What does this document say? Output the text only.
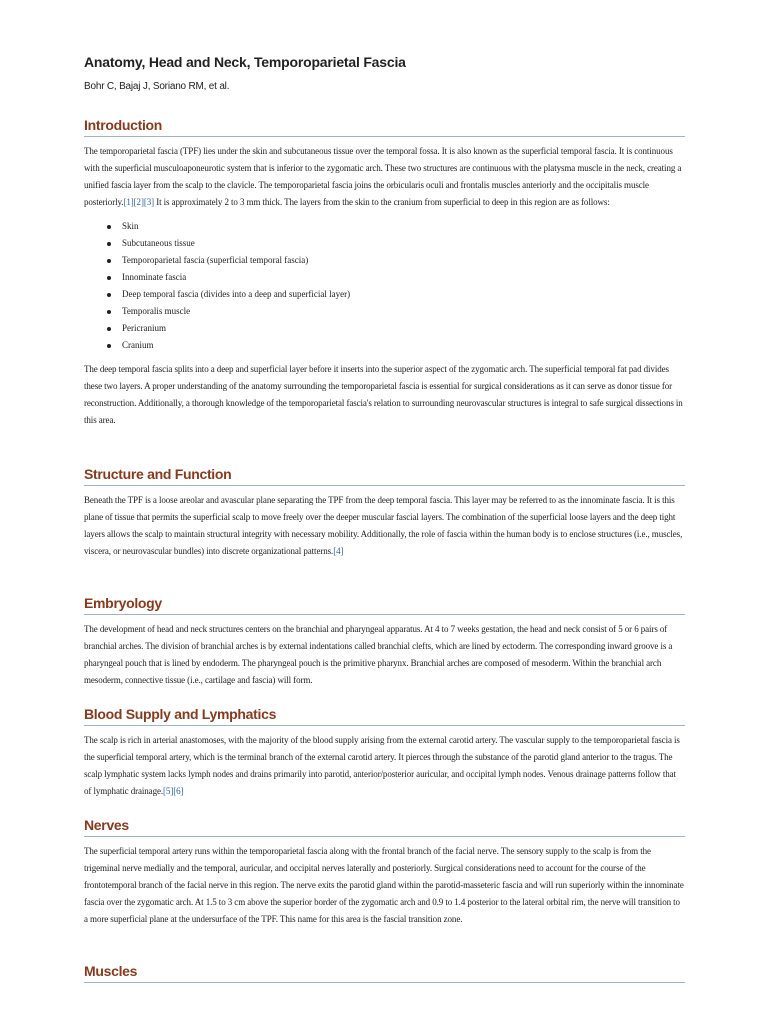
Anatomy, Head and Neck, Temporoparietal Fascia

Bohr C, Bajaj J, Soriano RM, et al.

Introduction

The temporoparietal fascia (TPF) lies under the skin and subcutaneous tissue over the temporal fossa. It is also known as the superficial temporal fascia. It is continuous with the superficial musculoaponeurotic system that is inferior to the zygomatic arch. These two structures are continuous with the platysma muscle in the neck, creating a unified fascia layer from the scalp to the clavicle. The temporoparietal fascia joins the orbicularis oculi and frontalis muscles anteriorly and the occipitalis muscle posteriorly.[1][2][3] It is approximately 2 to 3 mm thick. The layers from the skin to the cranium from superficial to deep in this region are as follows:

Skin
Subcutaneous tissue
Temporoparietal fascia (superficial temporal fascia)
Innominate fascia
Deep temporal fascia (divides into a deep and superficial layer)
Temporalis muscle
Pericranium
Cranium

The deep temporal fascia splits into a deep and superficial layer before it inserts into the superior aspect of the zygomatic arch. The superficial temporal fat pad divides these two layers. A proper understanding of the anatomy surrounding the temporoparietal fascia is essential for surgical considerations as it can serve as donor tissue for reconstruction. Additionally, a thorough knowledge of the temporoparietal fascia's relation to surrounding neurovascular structures is integral to safe surgical dissections in this area.

Structure and Function

Beneath the TPF is a loose areolar and avascular plane separating the TPF from the deep temporal fascia. This layer may be referred to as the innominate fascia. It is this plane of tissue that permits the superficial scalp to move freely over the deeper muscular fascial layers. The combination of the superficial loose layers and the deep tight layers allows the scalp to maintain structural integrity with necessary mobility. Additionally, the role of fascia within the human body is to enclose structures (i.e., muscles, viscera, or neurovascular bundles) into discrete organizational patterns.[4]

Embryology

The development of head and neck structures centers on the branchial and pharyngeal apparatus. At 4 to 7 weeks gestation, the head and neck consist of 5 or 6 pairs of branchial arches. The division of branchial arches is by external indentations called branchial clefts, which are lined by ectoderm. The corresponding inward groove is a pharyngeal pouch that is lined by endoderm. The pharyngeal pouch is the primitive pharynx. Branchial arches are composed of mesoderm. Within the branchial arch mesoderm, connective tissue (i.e., cartilage and fascia) will form.

Blood Supply and Lymphatics

The scalp is rich in arterial anastomoses, with the majority of the blood supply arising from the external carotid artery. The vascular supply to the temporoparietal fascia is the superficial temporal artery, which is the terminal branch of the external carotid artery. It pierces through the substance of the parotid gland anterior to the tragus. The scalp lymphatic system lacks lymph nodes and drains primarily into parotid, anterior/posterior auricular, and occipital lymph nodes. Venous drainage patterns follow that of lymphatic drainage.[5][6]

Nerves

The superficial temporal artery runs within the temporoparietal fascia along with the frontal branch of the facial nerve. The sensory supply to the scalp is from the trigeminal nerve medially and the temporal, auricular, and occipital nerves laterally and posteriorly. Surgical considerations need to account for the course of the frontotemporal branch of the facial nerve in this region. The nerve exits the parotid gland within the parotid-masseteric fascia and will run superiorly within the innominate fascia over the zygomatic arch. At 1.5 to 3 cm above the superior border of the zygomatic arch and 0.9 to 1.4 posterior to the lateral orbital rim, the nerve will transition to a more superficial plane at the undersurface of the TPF. This name for this area is the fascial transition zone.

Muscles
